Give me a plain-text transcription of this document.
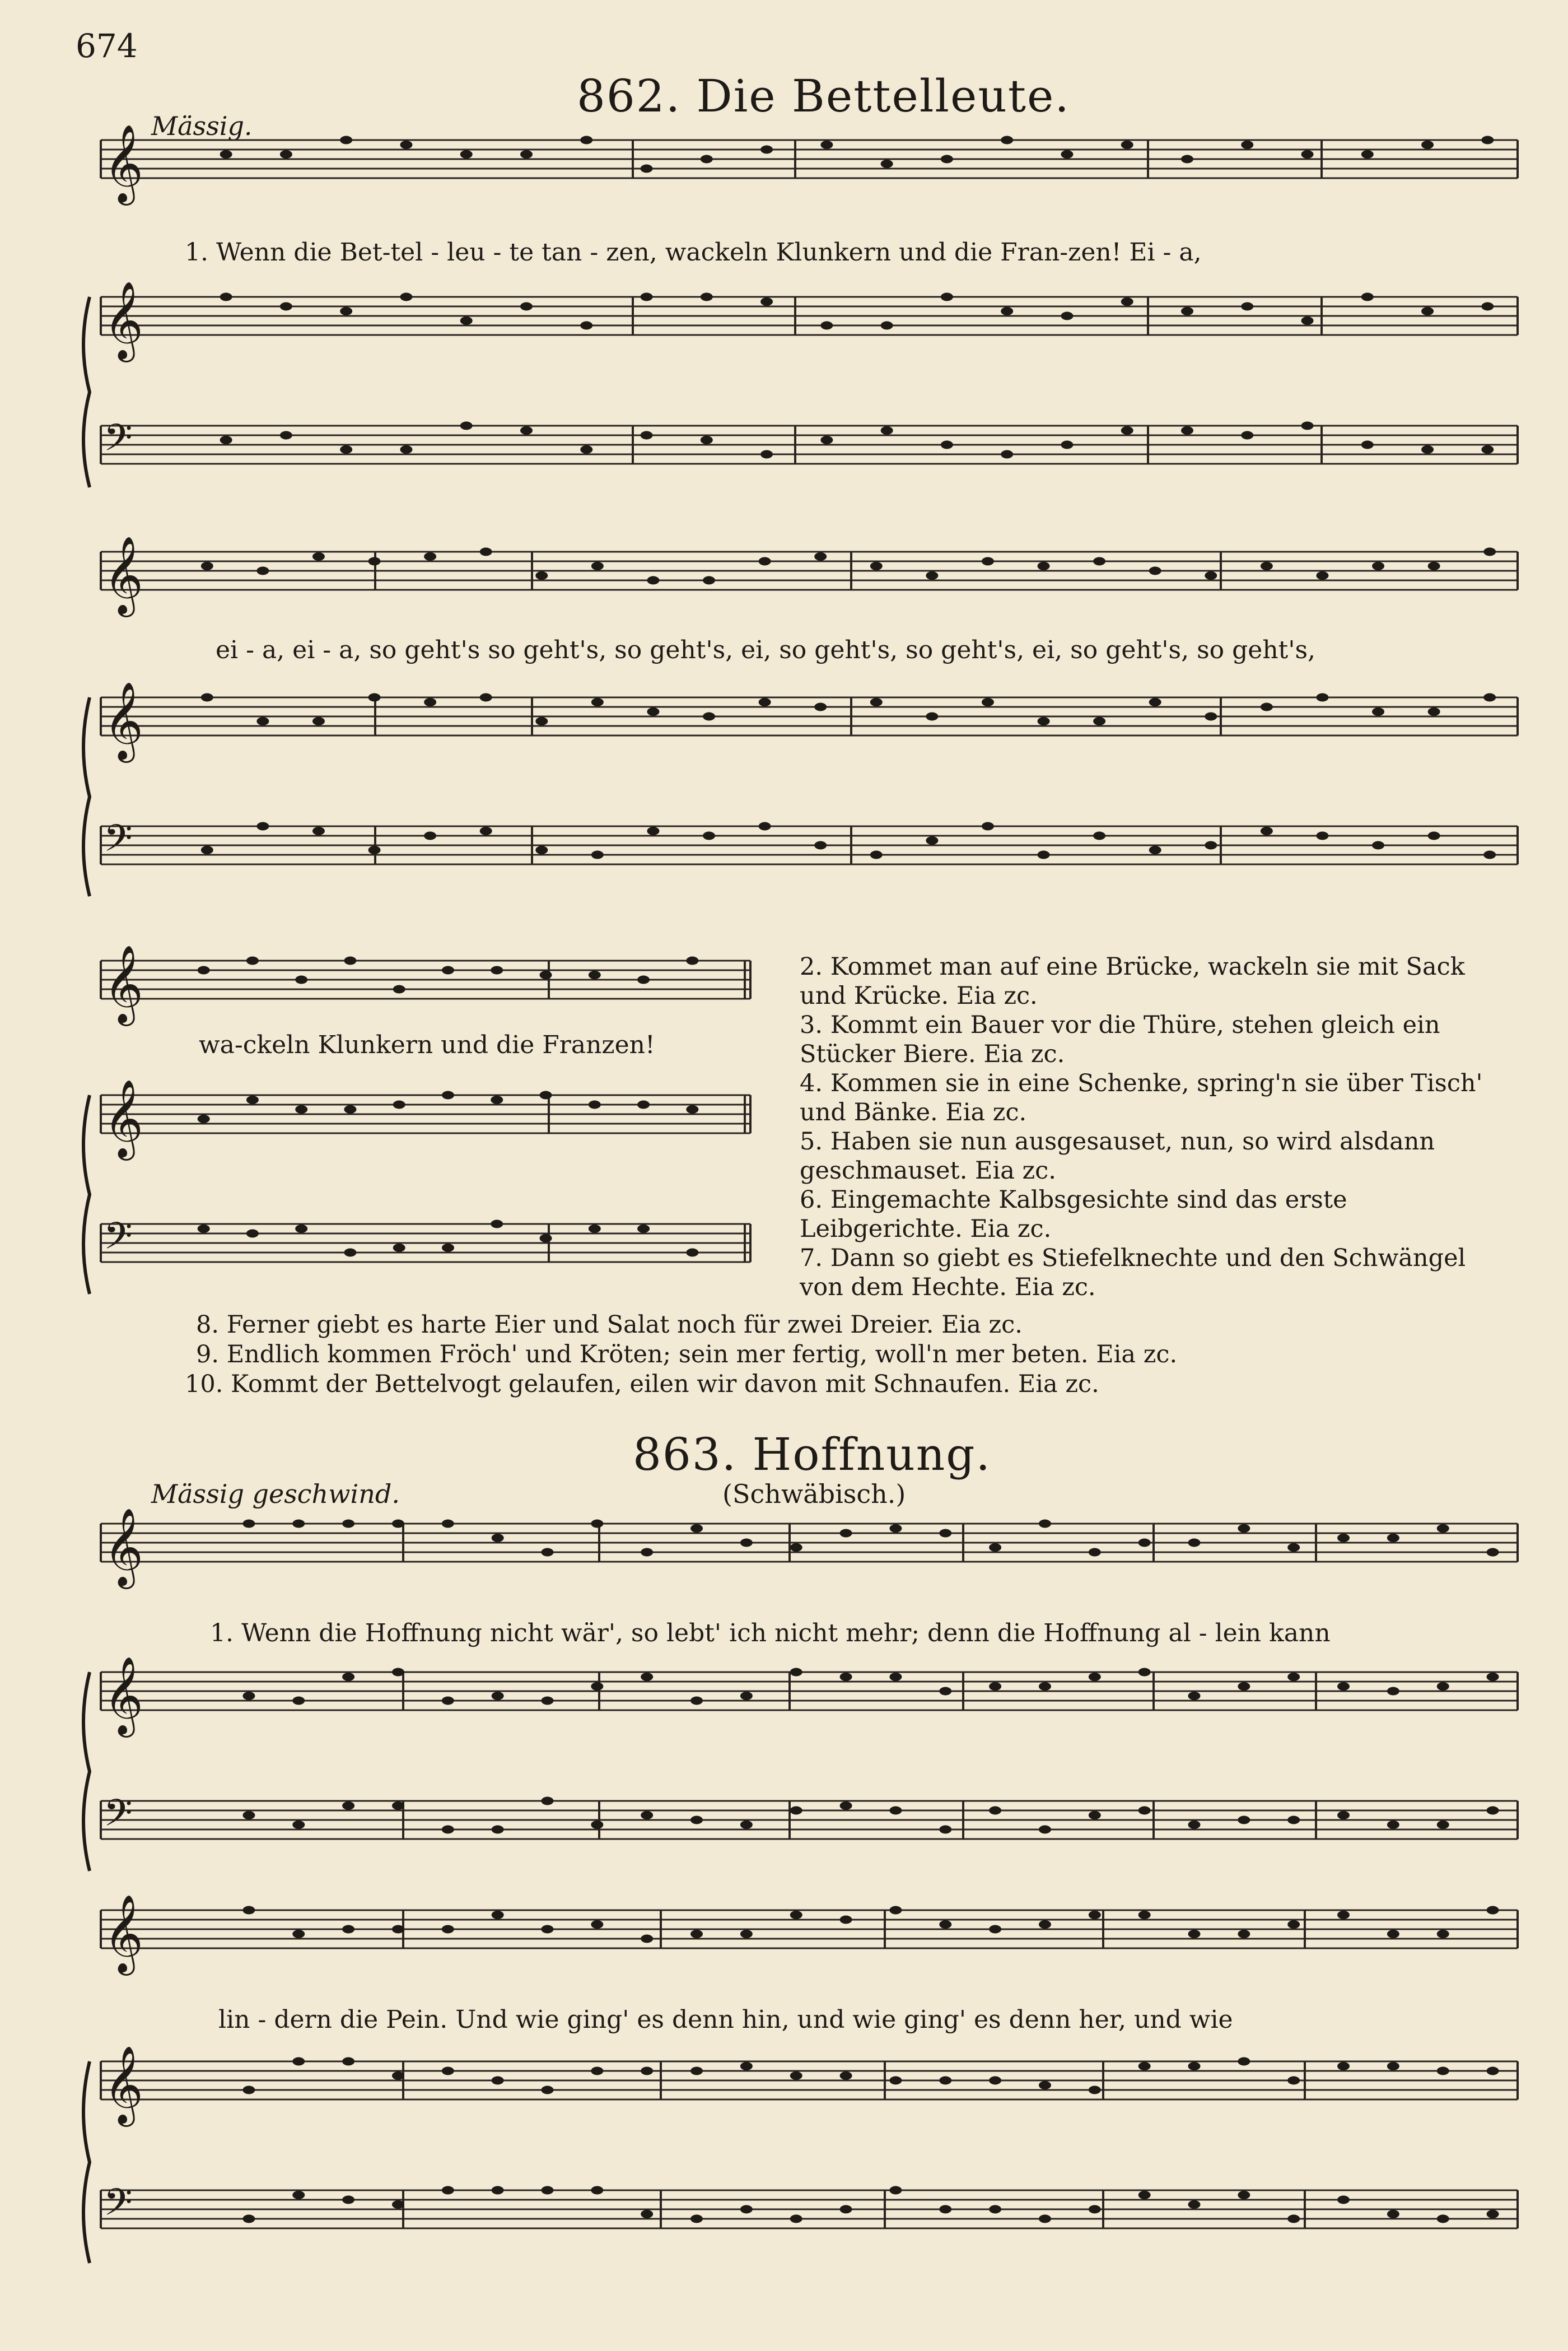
674
862. Die Bettelleute.
Mässig.
𝄞
𝄞
𝄢
𝄞
𝄞
𝄢
𝄞
𝄞
𝄢
𝄞
𝄞
𝄢
𝄞
𝄞
𝄢
1. Wenn die Bet-tel - leu - te tan - zen, wackeln Klunkern und die Fran-zen! Ei - a,
ei - a, ei - a, so geht's so geht's, so geht's, ei, so geht's, so geht's, ei, so geht's, so geht's,
wa-ckeln Klunkern und die Franzen!

2. Kommet man auf eine Brücke, wackeln sie mit Sack und Krücke. Eia zc.

3. Kommt ein Bauer vor die Thüre, stehen gleich ein Stücker Biere. Eia zc.

4. Kommen sie in eine Schenke, spring'n sie über Tisch' und Bänke. Eia zc.

5. Haben sie nun ausgesauset, nun, so wird alsdann geschmauset. Eia zc.

6. Eingemachte Kalbsgesichte sind das erste Leibgerichte. Eia zc.

7. Dann so giebt es Stiefelknechte und den Schwängel von dem Hechte. Eia zc.

8. Ferner giebt es harte Eier und Salat noch für zwei Dreier. Eia zc.
9. Endlich kommen Fröch' und Kröten; sein mer fertig, woll'n mer beten. Eia zc.
10. Kommt der Bettelvogt gelaufen, eilen wir davon mit Schnaufen. Eia zc.
863. Hoffnung.
(Schwäbisch.)
Mässig geschwind.
1. Wenn die Hoffnung nicht wär', so lebt' ich nicht mehr; denn die Hoffnung al - lein kann
lin - dern die Pein. Und wie ging' es denn hin, und wie ging' es denn her, und wie
